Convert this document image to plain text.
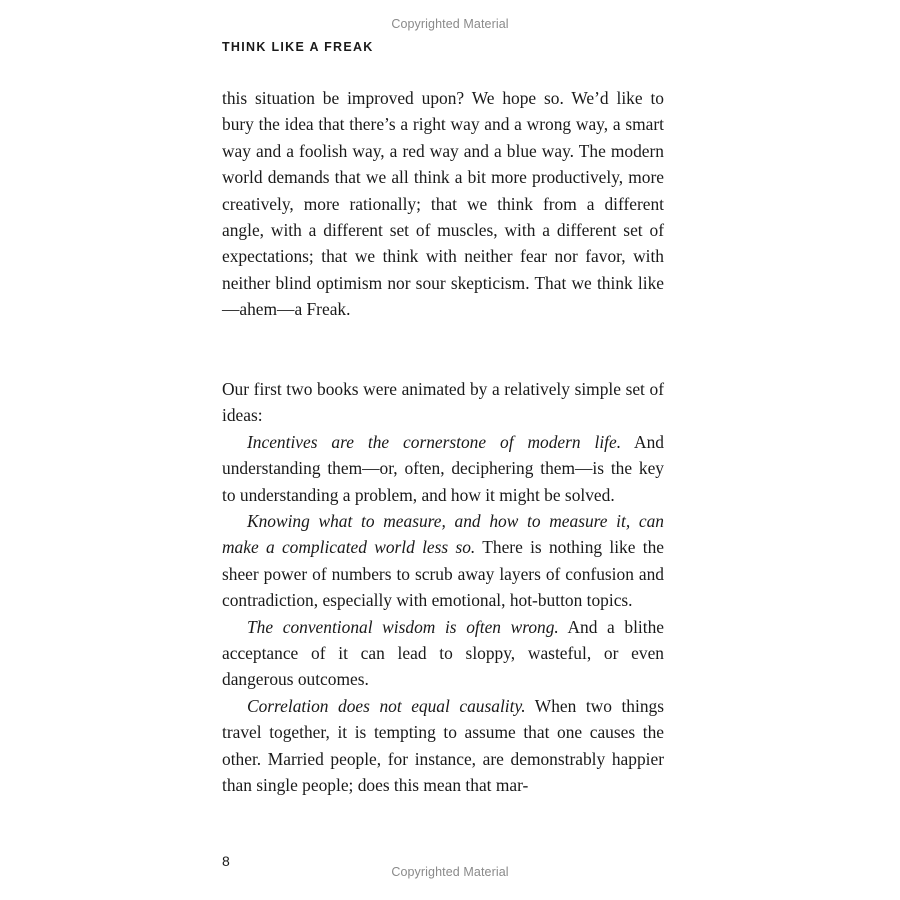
Copyrighted Material
THINK LIKE A FREAK

this situation be improved upon? We hope so. We’d like to bury the idea that there’s a right way and a wrong way, a smart way and a foolish way, a red way and a blue way. The modern world demands that we all think a bit more productively, more creatively, more rationally; that we think from a different angle, with a different set of muscles, with a different set of expectations; that we think with neither fear nor favor, with neither blind optimism nor sour skepticism. That we think like—ahem—a Freak.

Our first two books were animated by a relatively simple set of ideas:

Incentives are the cornerstone of modern life. And understanding them—or, often, deciphering them—is the key to understanding a problem, and how it might be solved.

Knowing what to measure, and how to measure it, can make a complicated world less so. There is nothing like the sheer power of numbers to scrub away layers of confusion and contradiction, especially with emotional, hot-button topics.

The conventional wisdom is often wrong. And a blithe acceptance of it can lead to sloppy, wasteful, or even dangerous outcomes.

Correlation does not equal causality. When two things travel together, it is tempting to assume that one causes the other. Married people, for instance, are demonstrably happier than single people; does this mean that mar-

8
Copyrighted Material
